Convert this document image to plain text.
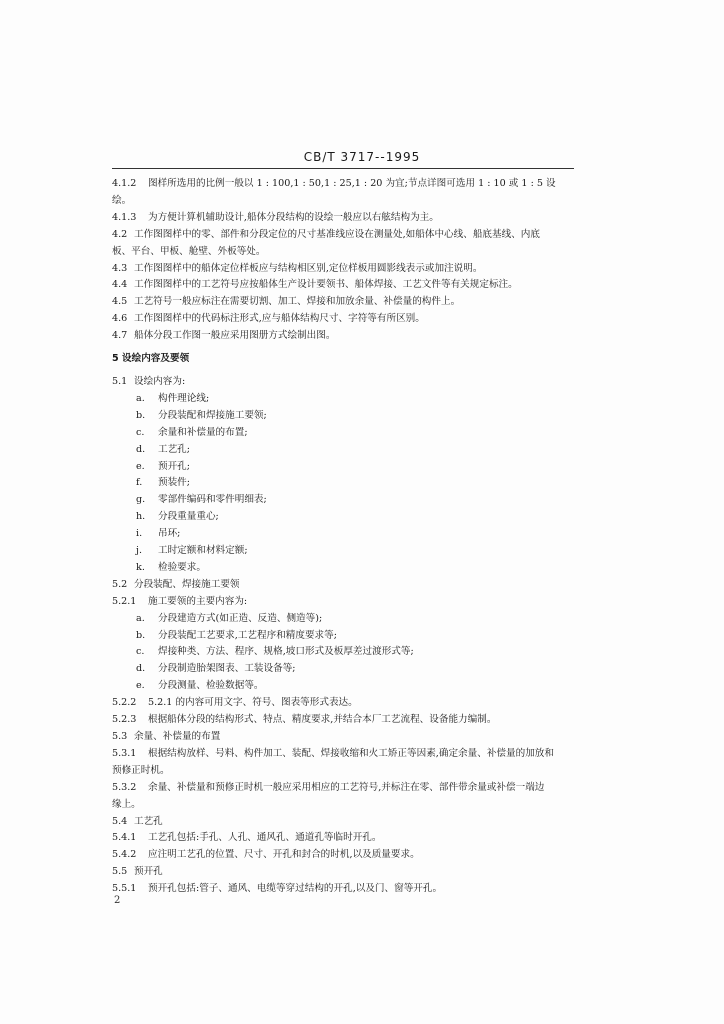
CB/T 3717--1995
4.1.2 图样所选用的比例一般以 1 : 100,1 : 50,1 : 25,1 : 20 为宜;节点详图可选用 1 : 10 或 1 : 5 设
绘。
4.1.3 为方便计算机辅助设计,船体分段结构的设绘一般应以右舷结构为主。
4.2 工作图图样中的零、部件和分段定位的尺寸基准线应设在测量处,如船体中心线、船底基线、内底
板、平台、甲板、舱壁、外板等处。
4.3 工作图图样中的船体定位样板应与结构相区别,定位样板用圆影线表示或加注说明。
4.4 工作图图样中的工艺符号应按船体生产设计要领书、船体焊接、工艺文件等有关规定标注。
4.5 工艺符号一般应标注在需要切割、加工、焊接和加放余量、补偿量的构件上。
4.6 工作图图样中的代码标注形式,应与船体结构尺寸、字符等有所区别。
4.7 船体分段工作图一般应采用图册方式绘制出图。
5 设绘内容及要领
5.1 设绘内容为:
a. 构件理论线;
b. 分段装配和焊接施工要领;
c. 余量和补偿量的布置;
d. 工艺孔;
e. 预开孔;
f. 预装件;
g. 零部件编码和零件明细表;
h. 分段重量重心;
i. 吊环;
j. 工时定额和材料定额;
k. 检验要求。
5.2 分段装配、焊接施工要领
5.2.1 施工要领的主要内容为:
a. 分段建造方式(如正造、反造、侧造等);
b. 分段装配工艺要求,工艺程序和精度要求等;
c. 焊接种类、方法、程序、规格,坡口形式及板厚差过渡形式等;
d. 分段制造胎架图表、工装设备等;
e. 分段测量、检验数据等。
5.2.2 5.2.1 的内容可用文字、符号、图表等形式表达。
5.2.3 根据船体分段的结构形式、特点、精度要求,并结合本厂工艺流程、设备能力编制。
5.3 余量、补偿量的布置
5.3.1 根据结构放样、号料、构件加工、装配、焊接收缩和火工矫正等因素,确定余量、补偿量的加放和
预修正时机。
5.3.2 余量、补偿量和预修正时机一般应采用相应的工艺符号,并标注在零、部件带余量或补偿一端边
缘上。
5.4 工艺孔
5.4.1 工艺孔包括:手孔、人孔、通风孔、通道孔等临时开孔。
5.4.2 应注明工艺孔的位置、尺寸、开孔和封合的时机,以及质量要求。
5.5 预开孔
5.5.1 预开孔包括:管子、通风、电缆等穿过结构的开孔,以及门、窗等开孔。
2
